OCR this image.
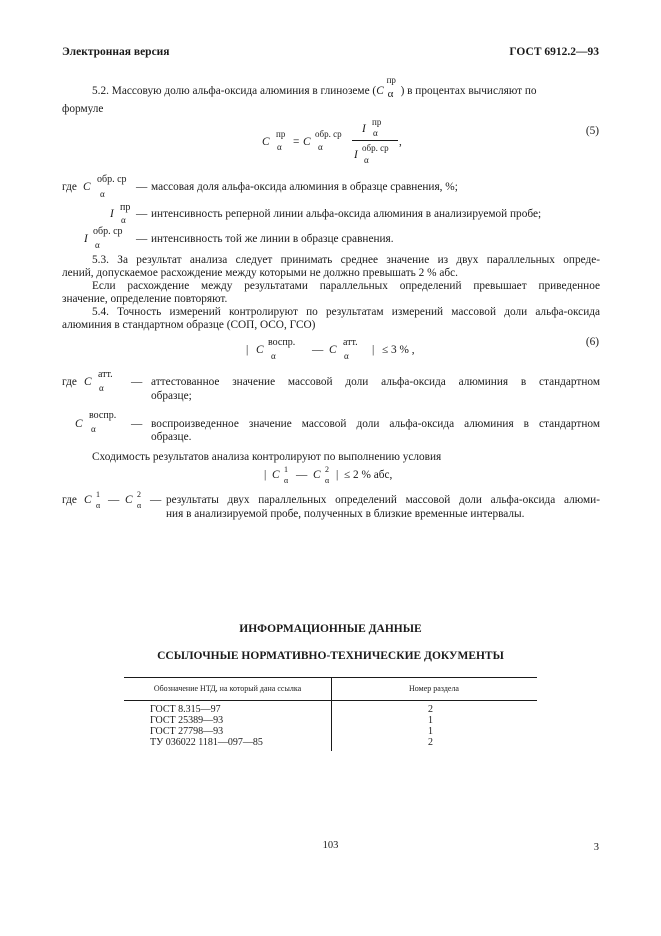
Электронная версия	ГОСТ 6912.2—93
5.2. Массовую долю альфа-оксида алюминия в глиноземе (C
пр
α ) в процентах вычисляют по
формуле
C
пр
α = C
обр. ср
α
I
пр
α
I
обр. ср
α
,
(5)
где C
обр. ср
α
— массовая доля альфа-оксида алюминия в образце сравнения, %;
I
пр
α — интенсивность реперной линии альфа-оксида алюминия в анализируемой пробе;
I
обр. ср
α	— интенсивность той же линии в образце сравнения.
5.3. За результат анализа следует принимать среднее значение из двух параллельных опреде-
лений, допускаемое расхождение между которыми не должно превышать 2 % абс.
Если расхождение между результатами параллельных определений превышает приведенное
значение, определение повторяют.
5.4. Точность измерений контролируют по результатам измерений массовой доли альфа-оксида
алюминия в стандартном образце (СОП, ОСО, ГСО)
| C
воспр.
α	— C
атт.
α | ≤ 3 % ,
(6)
где C
атт.
α — аттестованное значение массовой доли альфа-оксида алюминия в стандартном
образце;
C
воспр.
α	— воспроизведенное значение массовой доли альфа-оксида алюминия в стандартном
образце.
Сходимость результатов анализа контролируют по выполнению условия
| C 1
α — C 2
α | ≤ 2 % абс,
где C 1
α — C 2
α — результаты двух параллельных определений массовой доли альфа-оксида алюми-
ния в анализируемой пробе, полученных в близкие временные интервалы.
ИНФОРМАЦИОННЫЕ ДАННЫЕ
ССЫЛОЧНЫЕ НОРМАТИВНО-ТЕХНИЧЕСКИЕ ДОКУМЕНТЫ
Обозначение НТД, на который дана ссылка	Номер раздела
ГОСТ 8.315—97	2
ГОСТ 25389—93	1
ГОСТ 27798—93	1
ТУ 036022 1181—097—85	2
103	3
